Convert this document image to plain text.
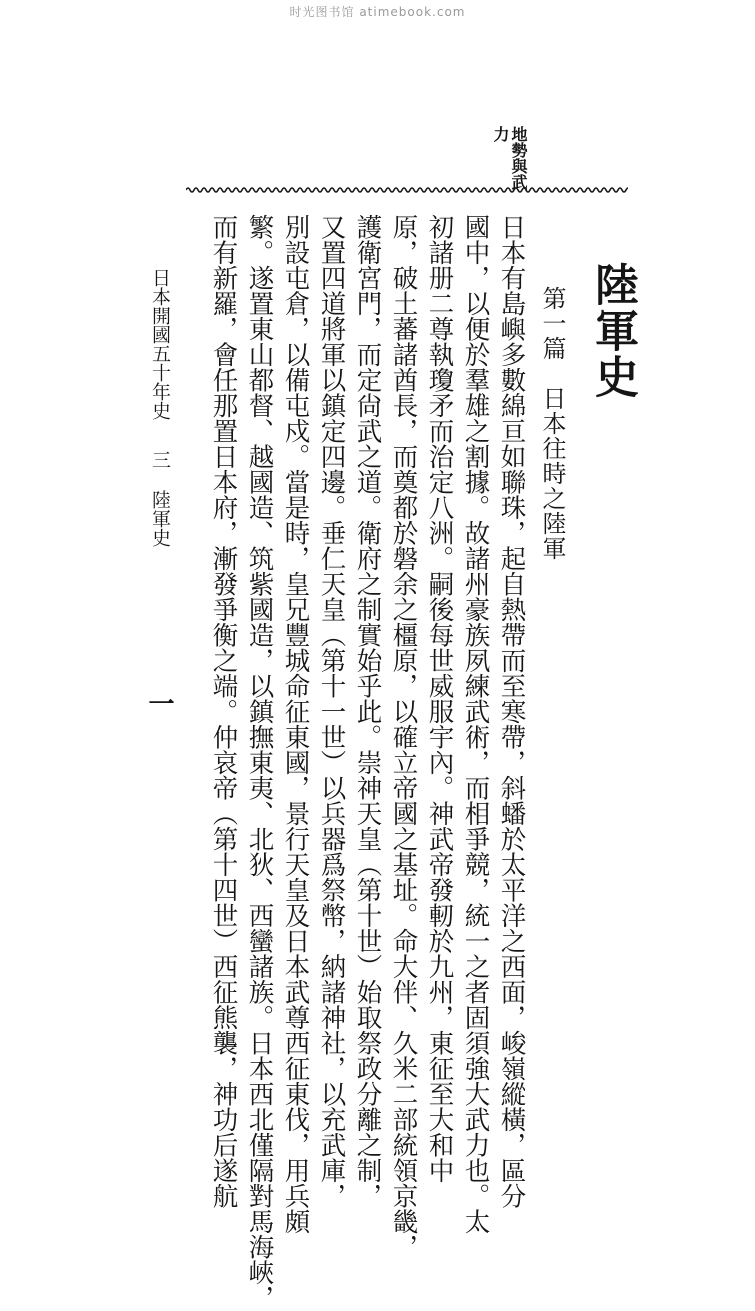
时光图书馆 atimebook.com
地勢與武
力
陸軍史
第一篇　日本往時之陸軍
日本有島嶼多數綿亘如聯珠，起自熱帶而至寒帶，斜蟠於太平洋之西面，峻嶺縱橫，區分
國中，以便於羣雄之割據。故諸州豪族夙練武術，而相爭競，統一之者固須強大武力也。太
初諸册二尊執瓊矛而治定八洲。嗣後每世威服宇內。神武帝發軔於九州，東征至大和中
原，破土蕃諸酋長，而奠都於磐余之橿原，以確立帝國之基址。命大伴、久米二部統領京畿，
護衛宮門，而定尙武之道。衛府之制實始乎此。崇神天皇（第十世）始取祭政分離之制，
又置四道將軍以鎮定四邊。垂仁天皇（第十一世）以兵器爲祭幣，納諸神社，以充武庫，
別設屯倉，以備屯戍。當是時，皇兄豐城命征東國，景行天皇及日本武尊西征東伐，用兵頗
繁。遂置東山都督、越國造、筑紫國造，以鎮撫東夷、北狄、西蠻諸族。日本西北僅隔對馬海峽，
而有新羅，會任那置日本府，漸發爭衡之端。仲哀帝（第十四世）西征熊襲，神功后遂航
日本開國五十年史
三
陸軍史
一
